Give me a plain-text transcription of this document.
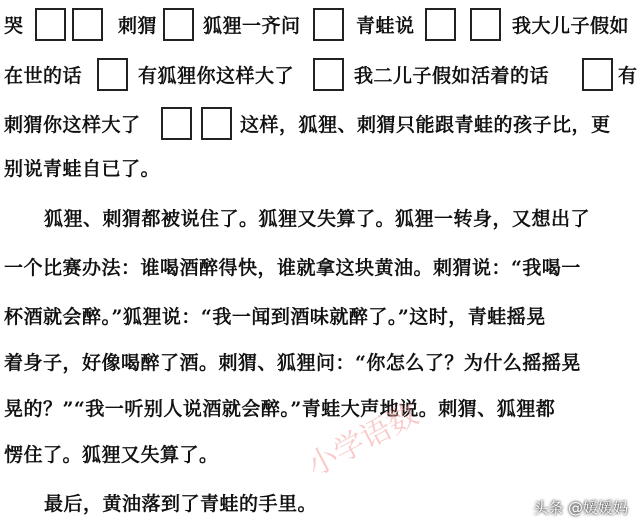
哭	刺猬 狐狸一齐问	青蛙说	我大儿子假如
在世的话	有狐狸你这样大了	我二儿子假如活着的话	有
刺猬你这样大了	这样，狐狸、刺猬只能跟青蛙的孩子比，更
别说青蛙自已了。
狐狸、刺猬都被说住了。狐狸又失算了。狐狸一转身，又想出了
一个比赛办法：谁喝酒醉得快，谁就拿这块黄油。刺猬说：“我喝一
杯酒就会醉。”狐狸说：“我一闻到酒味就醉了。”这时，青蛙摇晃
着身子，好像喝醉了酒。刺猬、狐狸问：“你怎么了？为什么摇摇晃
晃的？”“我一听别人说酒就会醉。”青蛙大声地说。刺猬、狐狸都
愣住了。狐狸又失算了。
最后，黄油落到了青蛙的手里。
小学语数
头条 @媛媛妈
